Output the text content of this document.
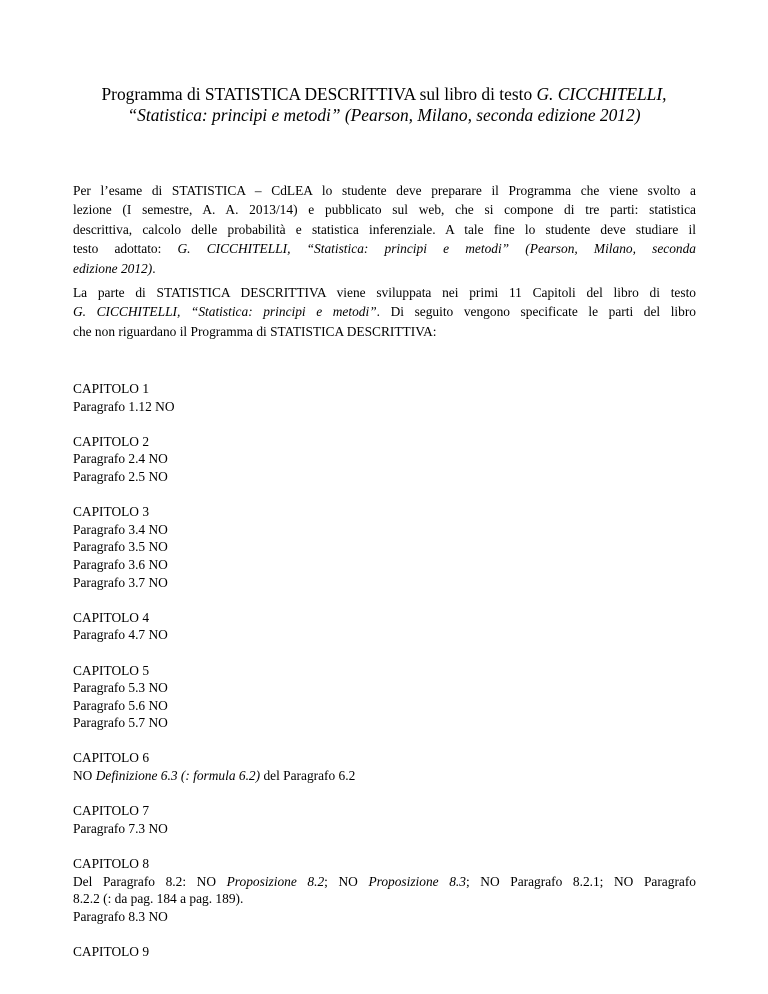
Programma di STATISTICA DESCRITTIVA sul libro di testo G. CICCHITELLI,
“Statistica: principi e metodi” (Pearson, Milano, seconda edizione 2012)
Per l’esame di STATISTICA – CdLEA lo studente deve preparare il Programma che viene svolto a
lezione (I semestre, A. A. 2013/14) e pubblicato sul web, che si compone di tre parti: statistica
descrittiva, calcolo delle probabilità e statistica inferenziale. A tale fine lo studente deve studiare il
testo adottato: G. CICCHITELLI, “Statistica: principi e metodi” (Pearson, Milano, seconda
edizione 2012).
La parte di STATISTICA DESCRITTIVA viene sviluppata nei primi 11 Capitoli del libro di testo
G. CICCHITELLI, “Statistica: principi e metodi”. Di seguito vengono specificate le parti del libro
che non riguardano il Programma di STATISTICA DESCRITTIVA:
CAPITOLO 1
Paragrafo 1.12 NO
CAPITOLO 2
Paragrafo 2.4 NO
Paragrafo 2.5 NO
CAPITOLO 3
Paragrafo 3.4 NO
Paragrafo 3.5 NO
Paragrafo 3.6 NO
Paragrafo 3.7 NO
CAPITOLO 4
Paragrafo 4.7 NO
CAPITOLO 5
Paragrafo 5.3 NO
Paragrafo 5.6 NO
Paragrafo 5.7 NO
CAPITOLO 6
NO Definizione 6.3 (: formula 6.2) del Paragrafo 6.2
CAPITOLO 7
Paragrafo 7.3 NO
CAPITOLO 8
Del Paragrafo 8.2: NO Proposizione 8.2; NO Proposizione 8.3; NO Paragrafo 8.2.1; NO Paragrafo
8.2.2 (: da pag. 184 a pag. 189).
Paragrafo 8.3 NO
CAPITOLO 9
